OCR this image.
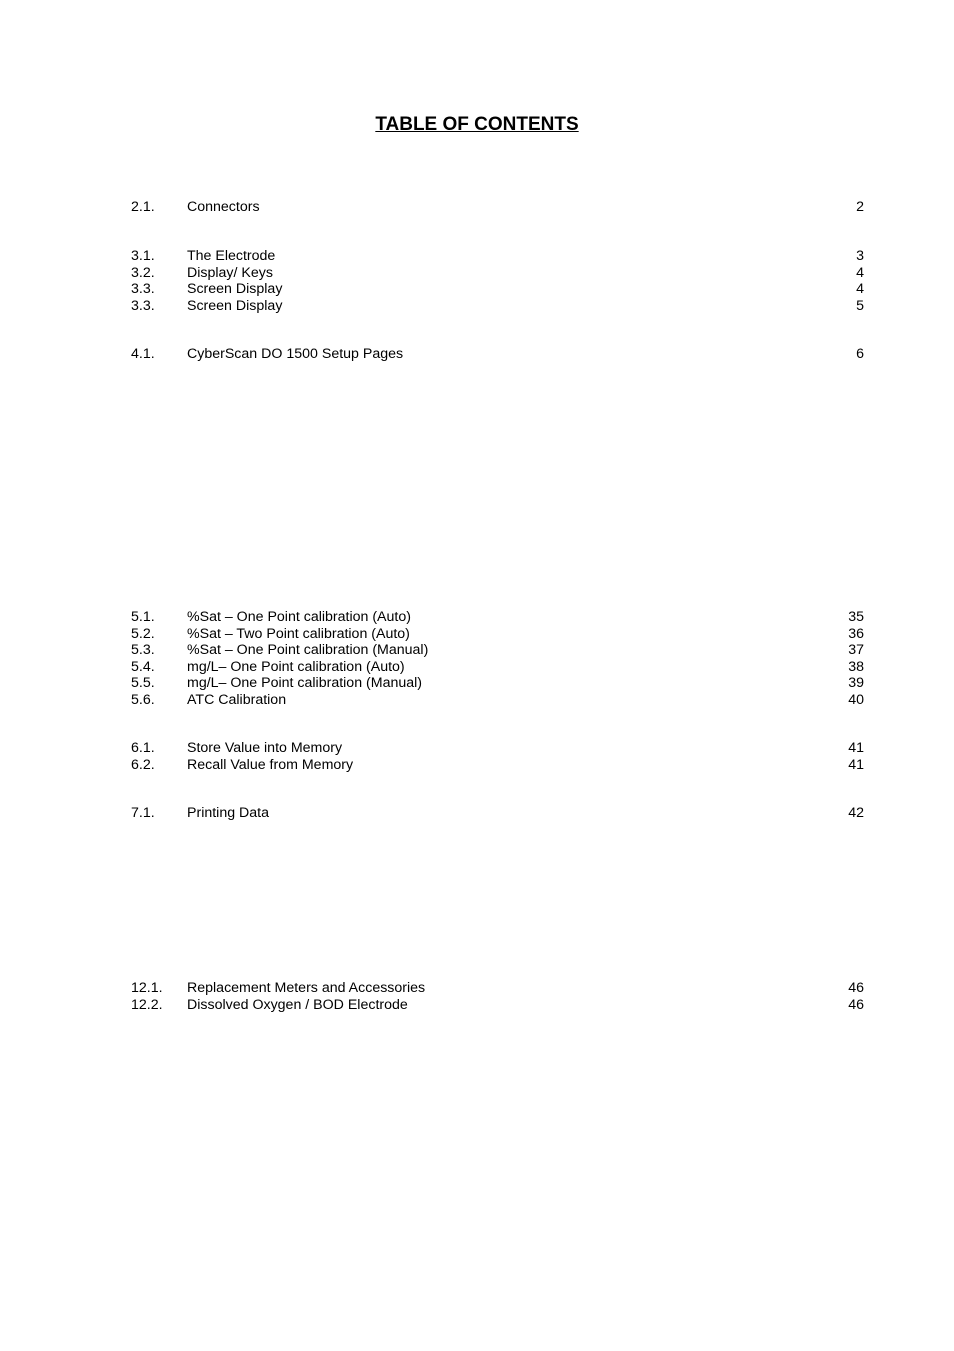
TABLE OF CONTENTS
2.1. Connectors	2
3.1. The Electrode	3
3.2. Display/ Keys	4
3.3. Screen Display	4
3.3. Screen Display	5
4.1. CyberScan DO 1500 Setup Pages	6
5.1. %Sat – One Point calibration (Auto)	35
5.2. %Sat – Two Point calibration (Auto)	36
5.3. %Sat – One Point calibration (Manual)	37
5.4. mg/L– One Point calibration (Auto)	38
5.5. mg/L– One Point calibration (Manual)	39
5.6. ATC Calibration	40
6.1. Store Value into Memory	41
6.2. Recall Value from Memory	41
7.1. Printing Data	42
12.1. Replacement Meters and Accessories	46
12.2. Dissolved Oxygen / BOD Electrode	46
